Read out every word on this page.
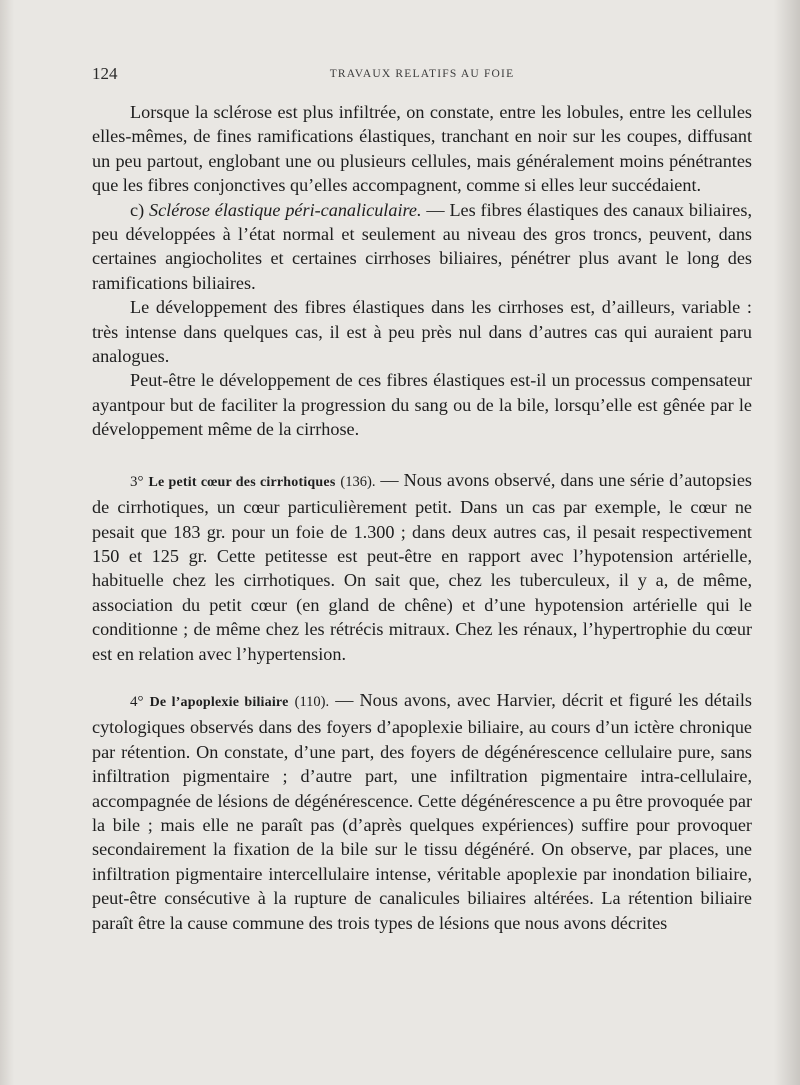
124	TRAVAUX RELATIFS AU FOIE

Lorsque la sclérose est plus infiltrée, on constate, entre les lobules, entre les cellules elles-mêmes, de fines ramifications élastiques, tranchant en noir sur les coupes, diffusant un peu partout, englobant une ou plusieurs cellules, mais généralement moins pénétrantes que les fibres conjonctives qu’elles accompagnent, comme si elles leur succédaient.

c) Sclérose élastique péri-canaliculaire. — Les fibres élastiques des canaux biliaires, peu développées à l’état normal et seulement au niveau des gros troncs, peuvent, dans certaines angiocholites et certaines cirrhoses biliaires, pénétrer plus avant le long des ramifications biliaires.

Le développement des fibres élastiques dans les cirrhoses est, d’ailleurs, variable : très intense dans quelques cas, il est à peu près nul dans d’autres cas qui auraient paru analogues.

Peut-être le développement de ces fibres élastiques est-il un processus compensateur ayantpour but de faciliter la progression du sang ou de la bile, lorsqu’elle est gênée par le développement même de la cirrhose.

3° Le petit cœur des cirrhotiques (136). — Nous avons observé, dans une série d’autopsies de cirrhotiques, un cœur particulièrement petit. Dans un cas par exemple, le cœur ne pesait que 183 gr. pour un foie de 1.300 ; dans deux autres cas, il pesait respectivement 150 et 125 gr. Cette petitesse est peut-être en rapport avec l’hypotension artérielle, habituelle chez les cirrhotiques. On sait que, chez les tuberculeux, il y a, de même, association du petit cœur (en gland de chêne) et d’une hypotension artérielle qui le conditionne ; de même chez les rétrécis mitraux. Chez les rénaux, l’hypertrophie du cœur est en relation avec l’hypertension.

4° De l’apoplexie biliaire (110). — Nous avons, avec Harvier, décrit et figuré les détails cytologiques observés dans des foyers d’apoplexie biliaire, au cours d’un ictère chronique par rétention. On constate, d’une part, des foyers de dégénérescence cellulaire pure, sans infiltration pigmentaire ; d’autre part, une infiltration pigmentaire intra-cellulaire, accompagnée de lésions de dégénérescence. Cette dégénérescence a pu être provoquée par la bile ; mais elle ne paraît pas (d’après quelques expériences) suffire pour provoquer secondairement la fixation de la bile sur le tissu dégénéré. On observe, par places, une infiltration pigmentaire intercellulaire intense, véritable apoplexie par inondation biliaire, peut-être consécutive à la rupture de canalicules biliaires altérées. La rétention biliaire paraît être la cause commune des trois types de lésions que nous avons décrites
